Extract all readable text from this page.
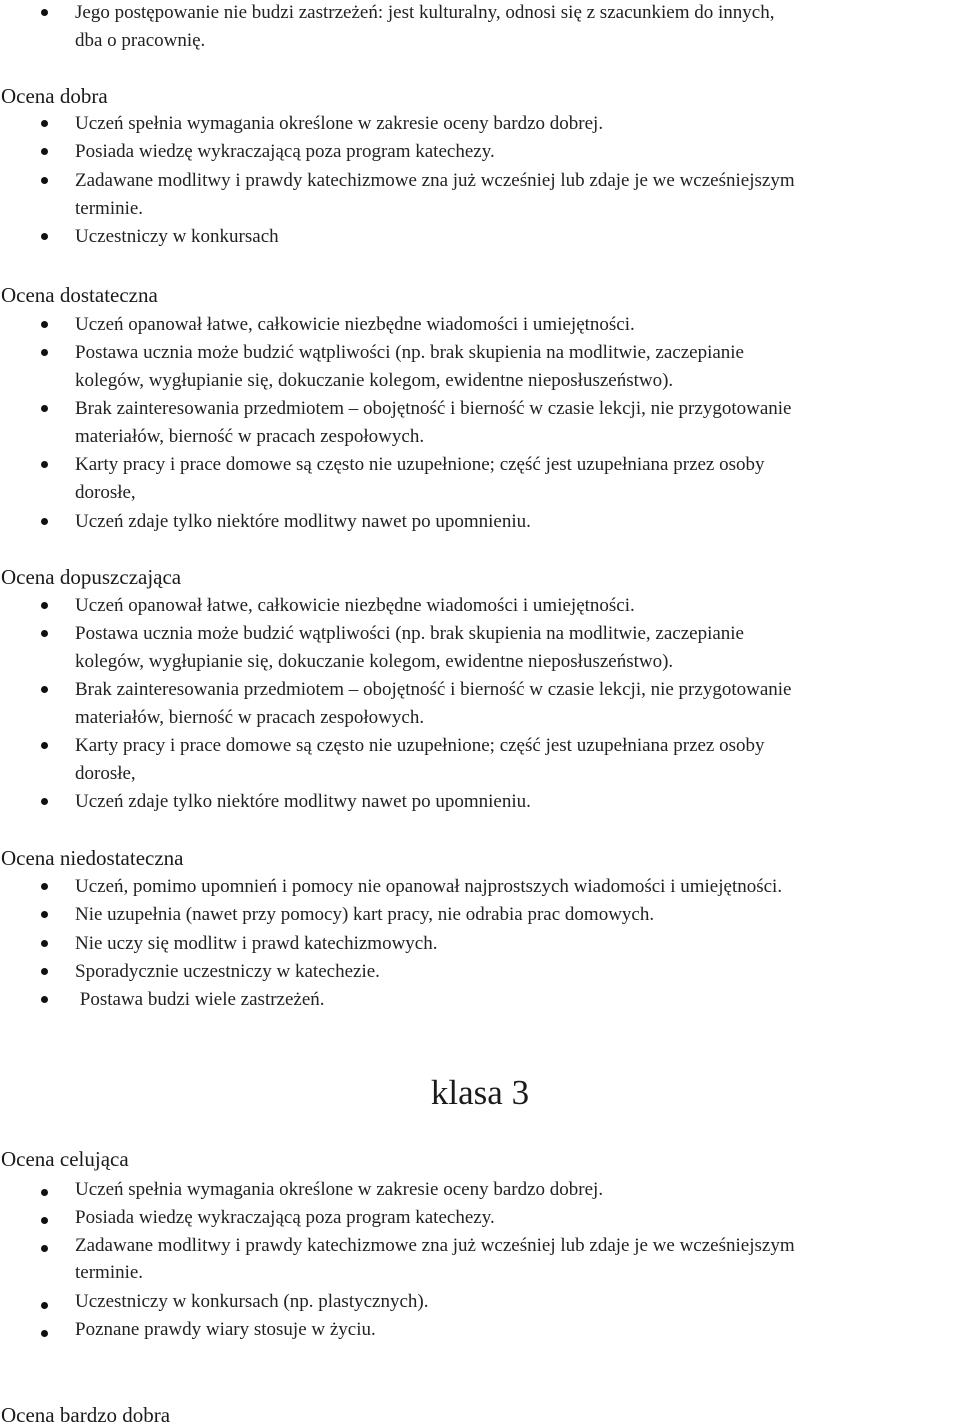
Jego postępowanie nie budzi zastrzeżeń: jest kulturalny, odnosi się z szacunkiem do innych,
dba o pracownię.
Ocena dobra
Uczeń spełnia wymagania określone w zakresie oceny bardzo dobrej.
Posiada wiedzę wykraczającą poza program katechezy.
Zadawane modlitwy i prawdy katechizmowe zna już wcześniej lub zdaje je we wcześniejszym
terminie.
Uczestniczy w konkursach
Ocena dostateczna
Uczeń opanował łatwe, całkowicie niezbędne wiadomości i umiejętności.
Postawa ucznia może budzić wątpliwości (np. brak skupienia na modlitwie, zaczepianie
kolegów, wygłupianie się, dokuczanie kolegom, ewidentne nieposłuszeństwo).
Brak zainteresowania przedmiotem – obojętność i bierność w czasie lekcji, nie przygotowanie
materiałów, bierność w pracach zespołowych.
Karty pracy i prace domowe są często nie uzupełnione; część jest uzupełniana przez osoby
dorosłe,
Uczeń zdaje tylko niektóre modlitwy nawet po upomnieniu.
Ocena dopuszczająca
Uczeń opanował łatwe, całkowicie niezbędne wiadomości i umiejętności.
Postawa ucznia może budzić wątpliwości (np. brak skupienia na modlitwie, zaczepianie
kolegów, wygłupianie się, dokuczanie kolegom, ewidentne nieposłuszeństwo).
Brak zainteresowania przedmiotem – obojętność i bierność w czasie lekcji, nie przygotowanie
materiałów, bierność w pracach zespołowych.
Karty pracy i prace domowe są często nie uzupełnione; część jest uzupełniana przez osoby
dorosłe,
Uczeń zdaje tylko niektóre modlitwy nawet po upomnieniu.
Ocena niedostateczna
Uczeń, pomimo upomnień i pomocy nie opanował najprostszych wiadomości i umiejętności.
Nie uzupełnia (nawet przy pomocy) kart pracy, nie odrabia prac domowych.
Nie uczy się modlitw i prawd katechizmowych.
Sporadycznie uczestniczy w katechezie.
Postawa budzi wiele zastrzeżeń.
klasa 3
Ocena celująca
Uczeń spełnia wymagania określone w zakresie oceny bardzo dobrej.
Posiada wiedzę wykraczającą poza program katechezy.
Zadawane modlitwy i prawdy katechizmowe zna już wcześniej lub zdaje je we wcześniejszym
terminie.
Uczestniczy w konkursach (np. plastycznych).
Poznane prawdy wiary stosuje w życiu.
Ocena bardzo dobra
